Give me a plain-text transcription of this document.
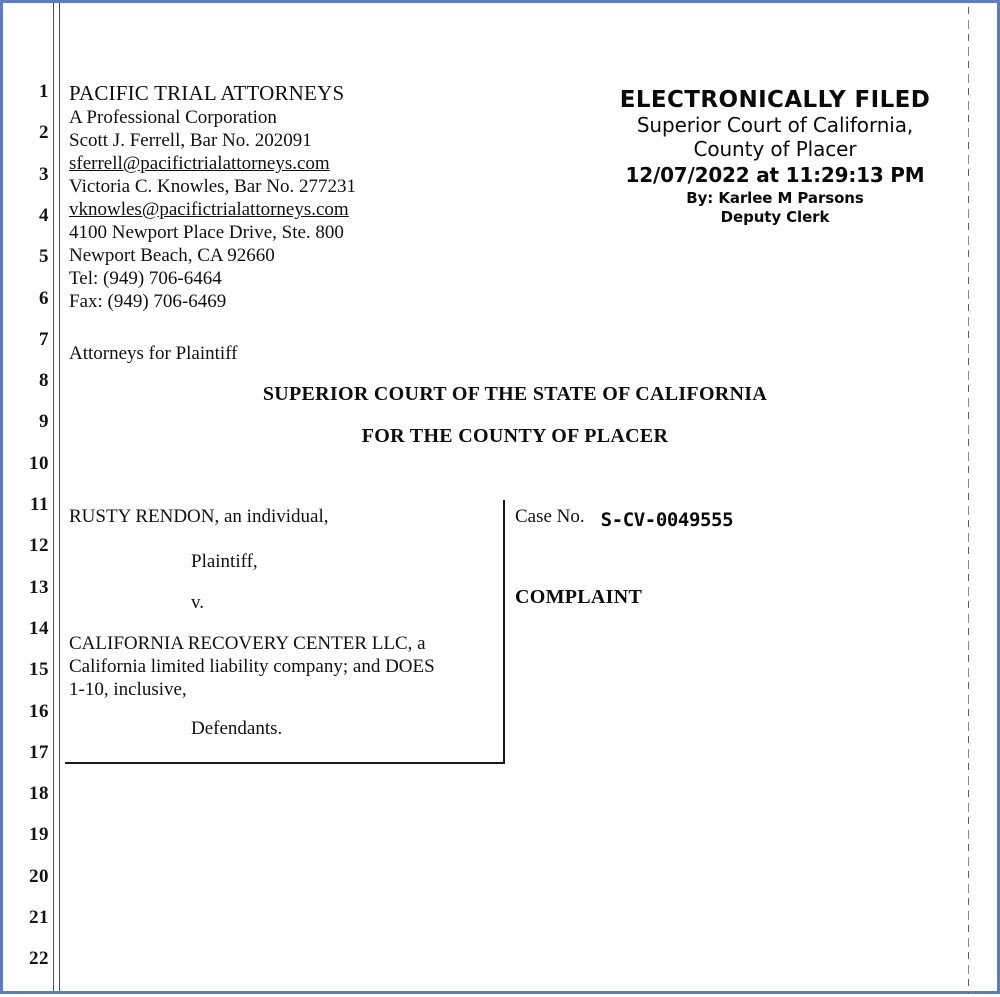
1
2
3
4
5
6
7
8
9
10
11
12
13
14
15
16
17
18
19
20
21
22
PACIFIC TRIAL ATTORNEYS
A Professional Corporation
Scott J. Ferrell, Bar No. 202091
sferrell@pacifictrialattorneys.com
Victoria C. Knowles, Bar No. 277231
vknowles@pacifictrialattorneys.com
4100 Newport Place Drive, Ste. 800
Newport Beach, CA 92660
Tel: (949) 706-6464
Fax: (949) 706-6469
Attorneys for Plaintiff
ELECTRONICALLY FILED
Superior Court of California,
County of Placer
12/07/2022 at 11:29:13 PM
By: Karlee M Parsons
Deputy Clerk
SUPERIOR COURT OF THE STATE OF CALIFORNIA
FOR THE COUNTY OF PLACER
RUSTY RENDON, an individual,
Plaintiff,
v.
CALIFORNIA RECOVERY CENTER LLC, a
California limited liability company; and DOES
1-10, inclusive,
Defendants.
Case No. S-CV-0049555
COMPLAINT
